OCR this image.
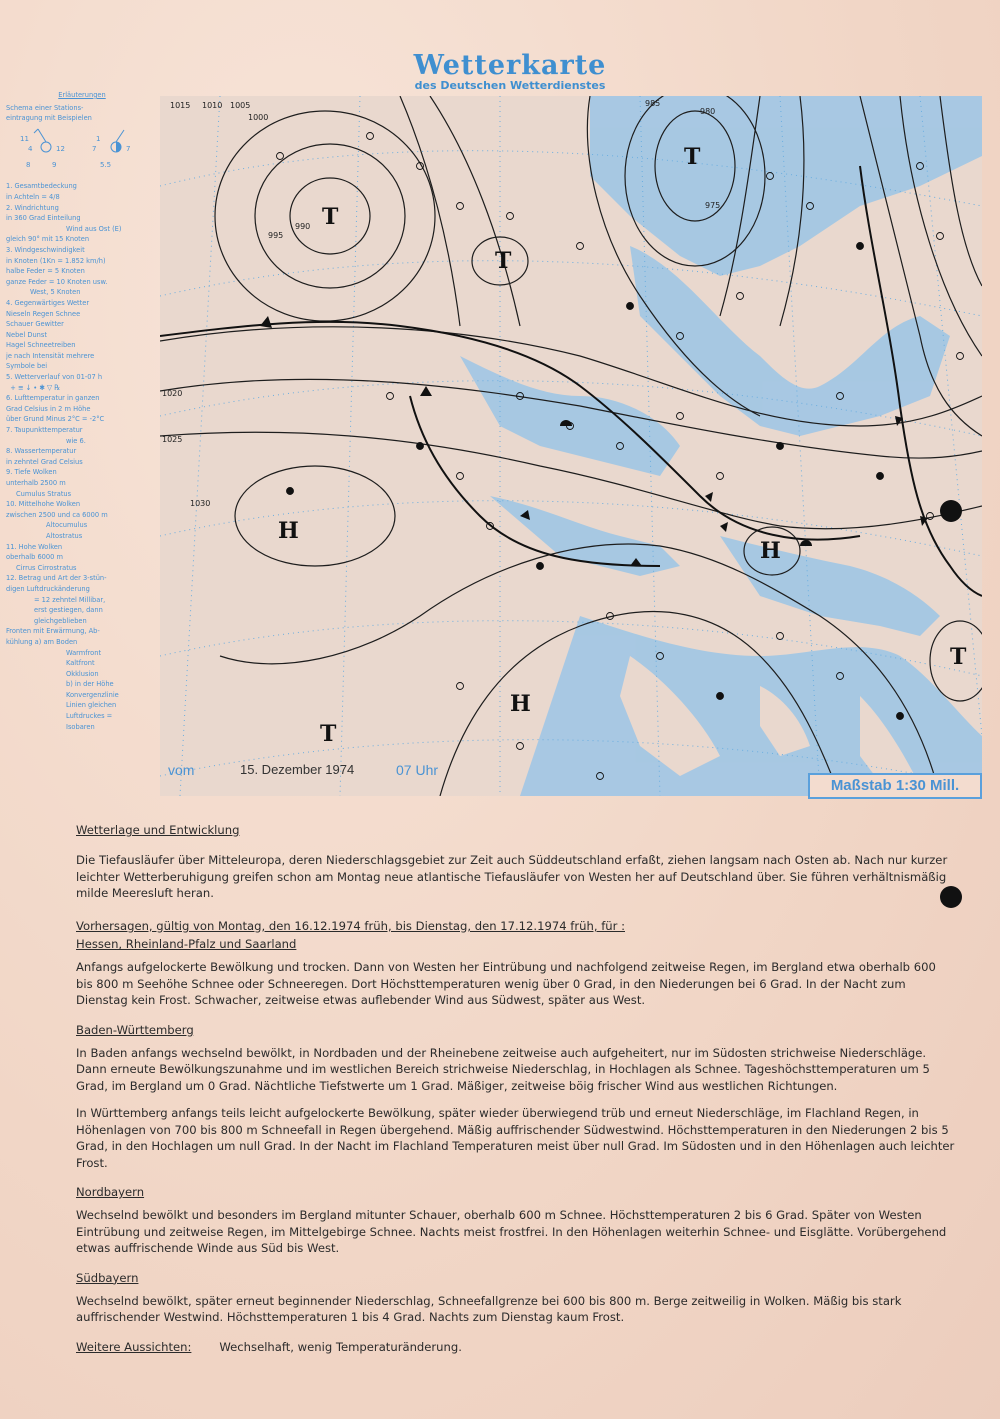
Wetterkarte
des Deutschen Wetterdienstes
Erläuterungen
Schema einer Stations-
eintragung mit Beispielen
11
4	12
8	9
1
7	7
5.5
1. Gesamtbedeckung
in Achteln = 4/8
2. Windrichtung
in 360 Grad Einteilung
Wind aus Ost (E)
gleich 90° mit 15 Knoten
3. Windgeschwindigkeit
in Knoten (1Kn = 1.852 km/h)
halbe Feder = 5 Knoten
ganze Feder = 10 Knoten usw.
West, 5 Knoten
4. Gegenwärtiges Wetter
Nieseln Regen Schnee
Schauer Gewitter
Nebel Dunst
Hagel Schneetreiben
je nach Intensität mehrere
Symbole bei
5. Wetterverlauf von 01-07 h
+ ≡ ↓ • ✱ ▽ ℞
6. Lufttemperatur in ganzen
Grad Celsius in 2 m Höhe
über Grund Minus 2°C = -2°C
7. Taupunkttemperatur
wie 6.
8. Wassertemperatur
in zehntel Grad Celsius
9. Tiefe Wolken
unterhalb 2500 m
Cumulus Stratus
10. Mittelhohe Wolken
zwischen 2500 und ca 6000 m
Altocumulus
Altostratus
11. Hohe Wolken
oberhalb 6000 m
Cirrus Cirrostratus
12. Betrag und Art der 3-stün-
digen Luftdruckänderung
= 12 zehntel Millibar,
erst gestiegen, dann
gleichgeblieben
Fronten mit Erwärmung, Ab-
kühlung a) am Boden
Warmfront
Kaltfront
Okklusion
b) in der Höhe
Konvergenzlinie
Linien gleichen
Luftdruckes =
Isobaren
T
T
T
H
H
H
T
T
1015 1010 1005
1000
995
990
985
980
975
1020
1025
1030
vom	15. Dezember 1974	07 Uhr
Maßstab 1:30 Mill.
Wetterlage und Entwicklung

Die Tiefausläufer über Mitteleuropa, deren Niederschlagsgebiet zur Zeit auch Süddeutschland erfaßt, ziehen langsam nach Osten ab. Nach nur kurzer leichter Wetterberuhigung greifen schon am Montag neue atlantische Tiefausläufer von Westen her auf Deutschland über. Sie führen verhältnismäßig milde Meeresluft heran.

Vorhersagen, gültig von Montag, den 16.12.1974 früh, bis Dienstag, den 17.12.1974 früh, für :
Hessen, Rheinland-Pfalz und Saarland

Anfangs aufgelockerte Bewölkung und trocken. Dann von Westen her Eintrübung und nachfolgend zeitweise Regen, im Bergland etwa oberhalb 600 bis 800 m Seehöhe Schnee oder Schneeregen. Dort Höchsttemperaturen wenig über 0 Grad, in den Niederungen bei 6 Grad. In der Nacht zum Dienstag kein Frost. Schwacher, zeitweise etwas auflebender Wind aus Südwest, später aus West.

Baden-Württemberg

In Baden anfangs wechselnd bewölkt, in Nordbaden und der Rheinebene zeitweise auch aufgeheitert, nur im Südosten strichweise Niederschläge. Dann erneute Bewölkungszunahme und im westlichen Bereich strichweise Niederschlag, in Hochlagen als Schnee. Tageshöchsttemperaturen um 5 Grad, im Bergland um 0 Grad. Nächtliche Tiefstwerte um 1 Grad. Mäßiger, zeitweise böig frischer Wind aus westlichen Richtungen.

In Württemberg anfangs teils leicht aufgelockerte Bewölkung, später wieder überwiegend trüb und erneut Niederschläge, im Flachland Regen, in Höhenlagen von 700 bis 800 m Schneefall in Regen übergehend. Mäßig auffrischender Südwestwind. Höchsttemperaturen in den Niederungen 2 bis 5 Grad, in den Hochlagen um null Grad. In der Nacht im Flachland Temperaturen meist über null Grad. Im Südosten und in den Höhenlagen auch leichter Frost.

Nordbayern

Wechselnd bewölkt und besonders im Bergland mitunter Schauer, oberhalb 600 m Schnee. Höchsttemperaturen 2 bis 6 Grad. Später von Westen Eintrübung und zeitweise Regen, im Mittelgebirge Schnee. Nachts meist frostfrei. In den Höhenlagen weiterhin Schnee- und Eisglätte. Vorübergehend etwas auffrischende Winde aus Süd bis West.

Südbayern

Wechselnd bewölkt, später erneut beginnender Niederschlag, Schneefallgrenze bei 600 bis 800 m. Berge zeitweilig in Wolken. Mäßig bis stark auffrischender Westwind. Höchsttemperaturen 1 bis 4 Grad. Nachts zum Dienstag kaum Frost.

Weitere Aussichten: Wechselhaft, wenig Temperaturänderung.
